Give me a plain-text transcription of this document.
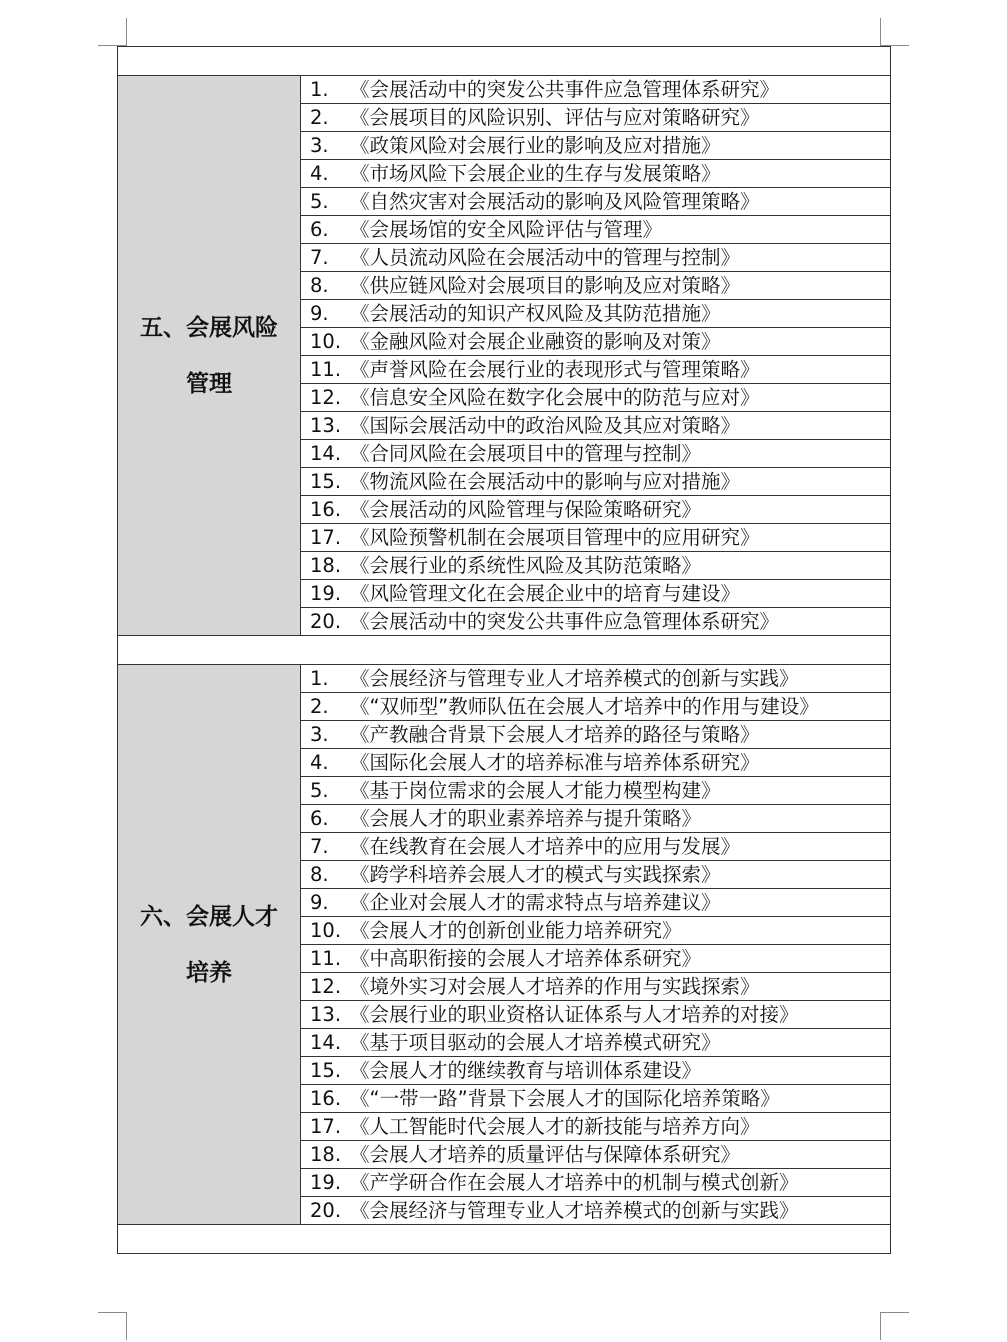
五、会展风险
管理	1. 《会展活动中的突发公共事件应急管理体系研究》
	2. 《会展项目的风险识别、评估与应对策略研究》
	3. 《政策风险对会展行业的影响及应对措施》
	4. 《市场风险下会展企业的生存与发展策略》
	5. 《自然灾害对会展活动的影响及风险管理策略》
	6. 《会展场馆的安全风险评估与管理》
	7. 《人员流动风险在会展活动中的管理与控制》
	8. 《供应链风险对会展项目的影响及应对策略》
	9. 《会展活动的知识产权风险及其防范措施》
	10. 《金融风险对会展企业融资的影响及对策》
	11. 《声誉风险在会展行业的表现形式与管理策略》
	12. 《信息安全风险在数字化会展中的防范与应对》
	13. 《国际会展活动中的政治风险及其应对策略》
	14. 《合同风险在会展项目中的管理与控制》
	15. 《物流风险在会展活动中的影响与应对措施》
	16. 《会展活动的风险管理与保险策略研究》
	17. 《风险预警机制在会展项目管理中的应用研究》
	18. 《会展行业的系统性风险及其防范策略》
	19. 《风险管理文化在会展企业中的培育与建设》
	20. 《会展活动中的突发公共事件应急管理体系研究》

六、会展人才
培养	1. 《会展经济与管理专业人才培养模式的创新与实践》
	2. 《“双师型”教师队伍在会展人才培养中的作用与建设》
	3. 《产教融合背景下会展人才培养的路径与策略》
	4. 《国际化会展人才的培养标准与培养体系研究》
	5. 《基于岗位需求的会展人才能力模型构建》
	6. 《会展人才的职业素养培养与提升策略》
	7. 《在线教育在会展人才培养中的应用与发展》
	8. 《跨学科培养会展人才的模式与实践探索》
	9. 《企业对会展人才的需求特点与培养建议》
	10. 《会展人才的创新创业能力培养研究》
	11. 《中高职衔接的会展人才培养体系研究》
	12. 《境外实习对会展人才培养的作用与实践探索》
	13. 《会展行业的职业资格认证体系与人才培养的对接》
	14. 《基于项目驱动的会展人才培养模式研究》
	15. 《会展人才的继续教育与培训体系建设》
	16. 《“一带一路”背景下会展人才的国际化培养策略》
	17. 《人工智能时代会展人才的新技能与培养方向》
	18. 《会展人才培养的质量评估与保障体系研究》
	19. 《产学研合作在会展人才培养中的机制与模式创新》
	20. 《会展经济与管理专业人才培养模式的创新与实践》
